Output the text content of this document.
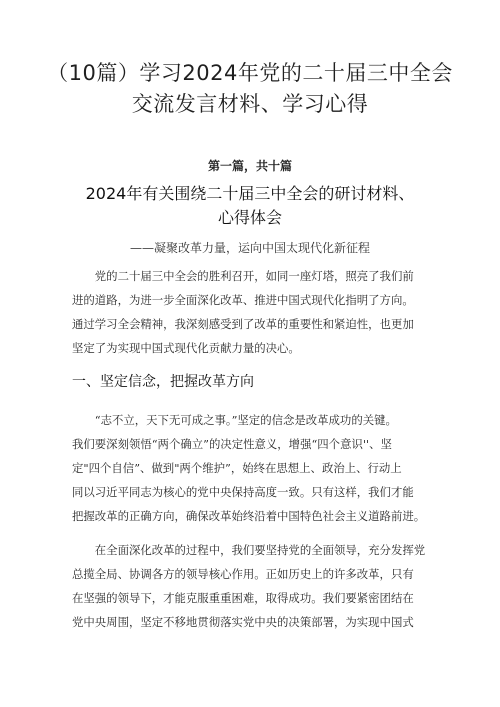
（10篇）学习2024年党的二十届三中全会
交流发言材料、学习心得
第一篇，共十篇
2024年有关围绕二十届三中全会的研讨材料、
心得体会
——凝聚改革力量，运向中国太现代化新征程
　　党的二十届三中全会的胜利召开，如同一座灯塔，照亮了我们前
进的道路，为进一步全面深化改革、推进中国式现代化指明了方向。
通过学习全会精神，我深刻感受到了改革的重要性和紧迫性，也更加
坚定了为实现中国式现代化贡献力量的决心。
一、坚定信念，把握改革方向
　　“志不立，天下无可成之事。”坚定的信念是改革成功的关键。
我们要深刻领悟“两个确立”的决定性意义，增强“四个意识''、坚
定"四个自信”、做到"两个维护”，始终在思想上、政治上、行动上
同以习近平同志为核心的党中央保持高度一致。只有这样，我们才能
把握改革的正确方向，确保改革始终沿着中国特色社会主义道路前进。
　　在全面深化改革的过程中，我们要坚持党的全面领导，充分发挥党
总揽全局、协调各方的领导核心作用。正如历史上的许多改革，只有
在坚强的领导下，才能克服重重困难，取得成功。我们要紧密团结在
党中央周围，坚定不移地贯彻落实党中央的决策部署，为实现中国式
